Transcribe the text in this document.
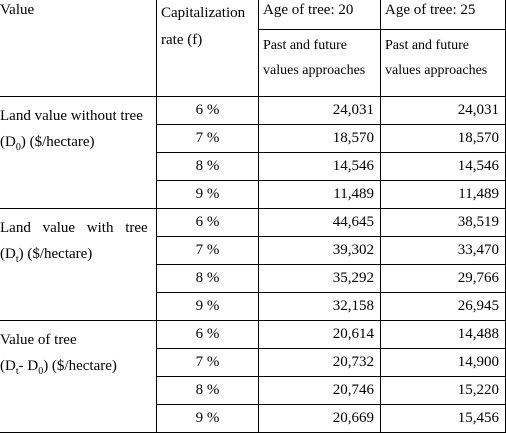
Value	Capitalization rate (f)	Age of tree: 20	Age of tree: 25
		Past and future values approaches	Past and future values approaches
Land value without tree
$(D_0)$ ($/hectare)	6 %	24,031	24,031
	7 %	18,570	18,570
	8 %	14,546	14,546
	9 %	11,489	11,489
Land value with tree
$(D_t)$ ($/hectare)	6 %	44,645	38,519
	7 %	39,302	33,470
	8 %	35,292	29,766
	9 %	32,158	26,945
Value of tree
($D_t-$ $D_0$) ($/hectare)	6 %	20,614	14,488
	7 %	20,732	14,900
	8 %	20,746	15,220
	9 %	20,669	15,456
